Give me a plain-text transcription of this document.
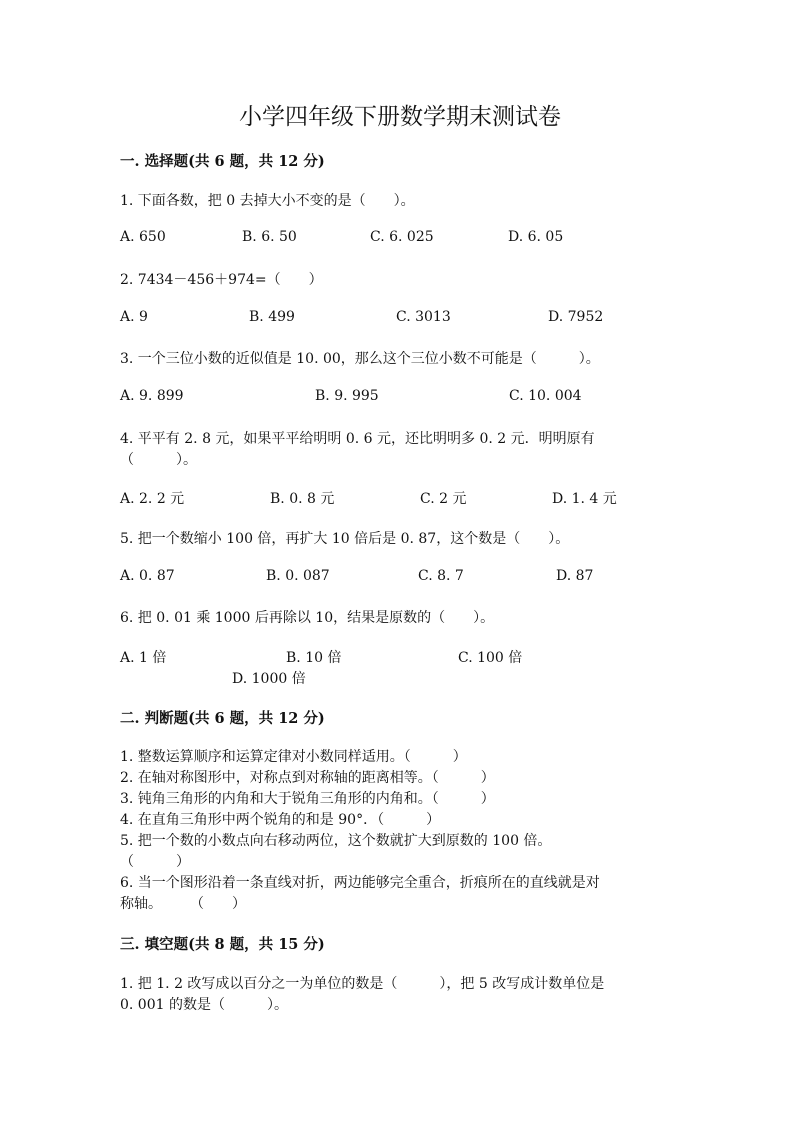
小学四年级下册数学期末测试卷
一. 选择题(共 6 题，共 12 分)
1. 下面各数，把 0 去掉大小不变的是（　　）。
A. 650	B. 6. 50	C. 6. 025	D. 6. 05
2. 7434－456＋974=（　　）
A. 9	B. 499	C. 3013	D. 7952
3. 一个三位小数的近似值是 10. 00，那么这个三位小数不可能是（　　　）。
A. 9. 899	B. 9. 995	C. 10. 004
4. 平平有 2. 8 元，如果平平给明明 0. 6 元，还比明明多 0. 2 元．明明原有
（　　　）。
A. 2. 2 元	B. 0. 8 元	C. 2 元	D. 1. 4 元
5. 把一个数缩小 100 倍，再扩大 10 倍后是 0. 87，这个数是（　　）。
A. 0. 87	B. 0. 087	C. 8. 7	D. 87
6. 把 0. 01 乘 1000 后再除以 10，结果是原数的（　　）。
A. 1 倍	B. 10 倍	C. 100 倍
D. 1000 倍
二. 判断题(共 6 题，共 12 分)
1. 整数运算顺序和运算定律对小数同样适用。（　　　）
2. 在轴对称图形中，对称点到对称轴的距离相等。（　　　）
3. 钝角三角形的内角和大于锐角三角形的内角和。（　　　）
4. 在直角三角形中两个锐角的和是 90°．（　　　）
5. 把一个数的小数点向右移动两位，这个数就扩大到原数的 100 倍。
（　　　）
6. 当一个图形沿着一条直线对折，两边能够完全重合，折痕所在的直线就是对
称轴。　　　（　　）
三. 填空题(共 8 题，共 15 分)
1. 把 1. 2 改写成以百分之一为单位的数是（　　　），把 5 改写成计数单位是
0. 001 的数是（　　　）。
